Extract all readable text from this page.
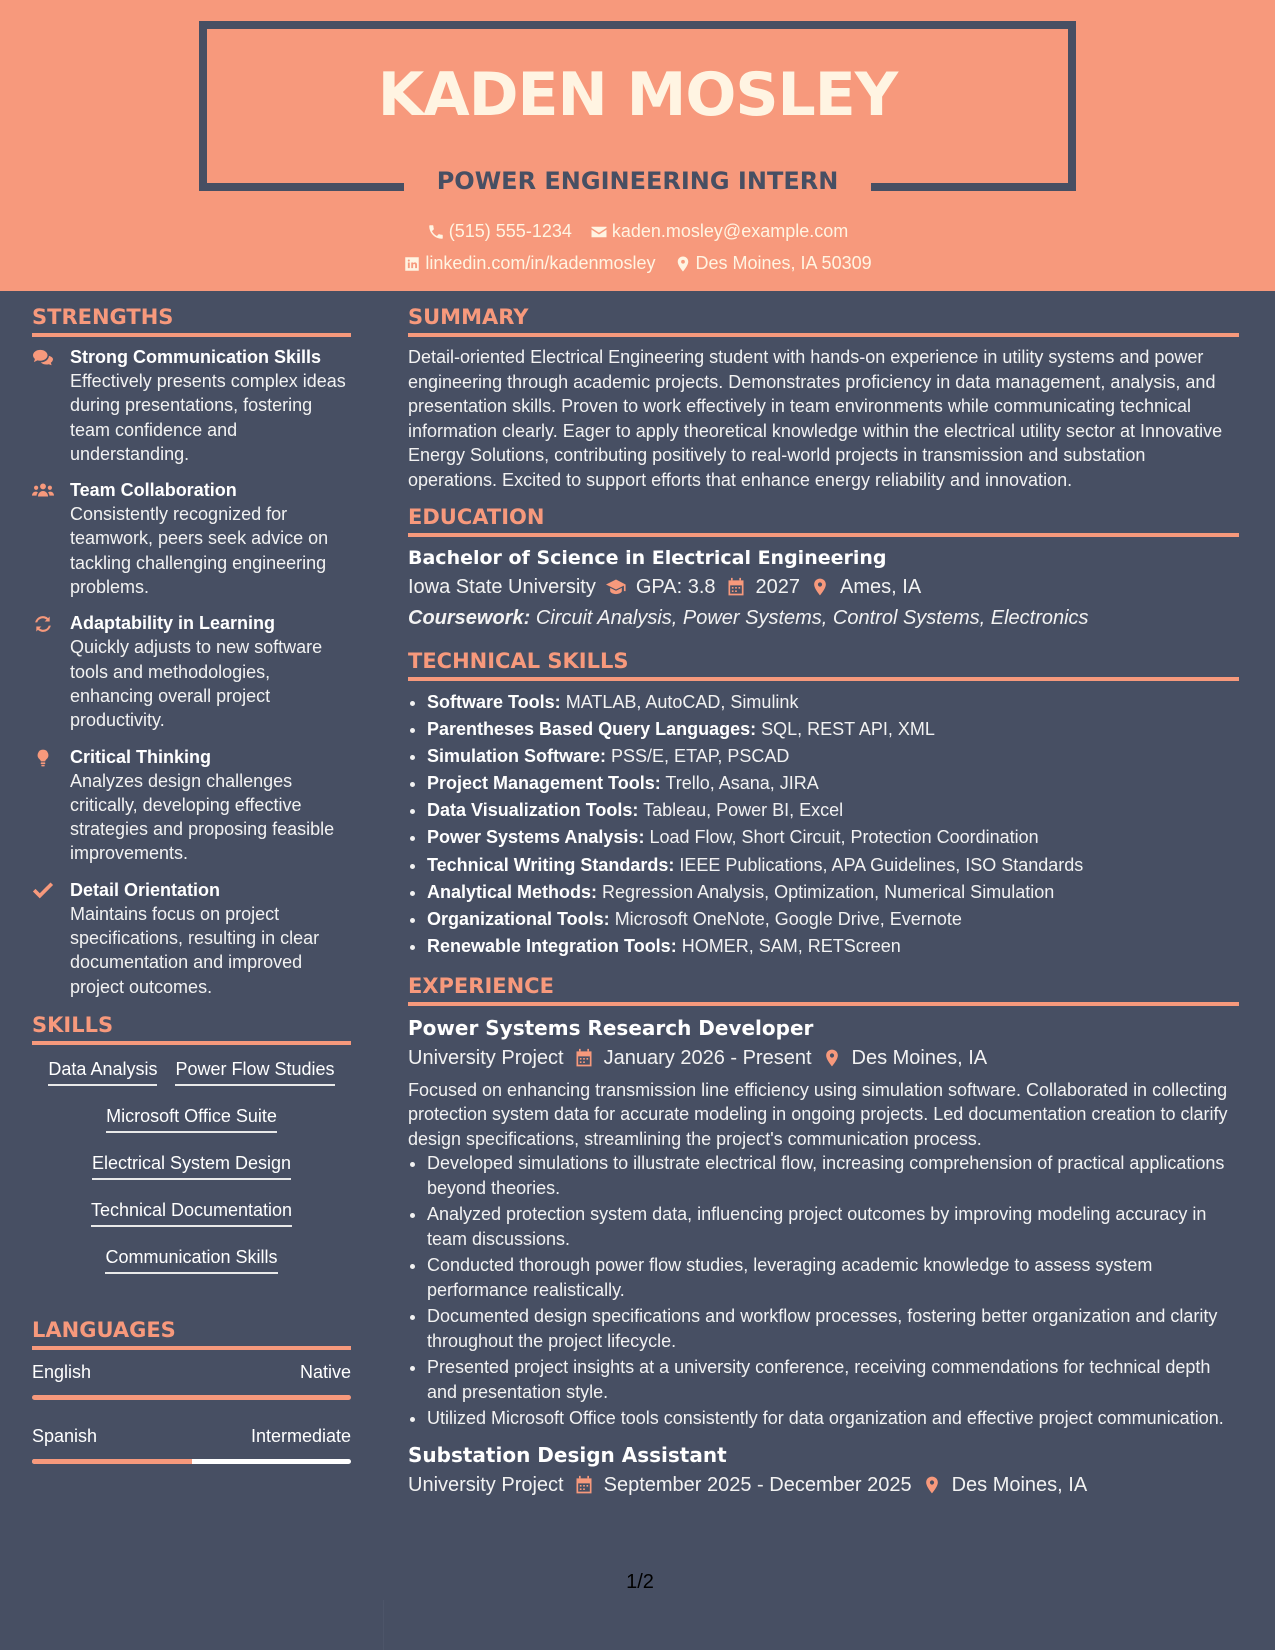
KADEN MOSLEY
POWER ENGINEERING INTERN
(515) 555-1234 kaden.mosley@example.com
linkedin.com/in/kadenmosley Des Moines, IA 50309
STRENGTHS
Strong Communication Skills

Effectively presents complex ideas during presentations, fostering team confidence and understanding.

Team Collaboration

Consistently recognized for teamwork, peers seek advice on tackling challenging engineering problems.

Adaptability in Learning

Quickly adjusts to new software tools and methodologies, enhancing overall project productivity.

Critical Thinking

Analyzes design challenges critically, developing effective strategies and proposing feasible improvements.

Detail Orientation

Maintains focus on project specifications, resulting in clear documentation and improved project outcomes.

SKILLS
Data Analysis Power Flow Studies
Microsoft Office Suite
Electrical System Design
Technical Documentation
Communication Skills
LANGUAGES
English	Native
Spanish	Intermediate
SUMMARY

Detail-oriented Electrical Engineering student with hands-on experience in utility systems and power engineering through academic projects. Demonstrates proficiency in data management, analysis, and presentation skills. Proven to work effectively in team environments while communicating technical information clearly. Eager to apply theoretical knowledge within the electrical utility sector at Innovative Energy Solutions, contributing positively to real-world projects in transmission and substation operations. Excited to support efforts that enhance energy reliability and innovation.

EDUCATION
Bachelor of Science in Electrical Engineering
Iowa State University GPA: 3.8 2027 Ames, IA
Coursework: Circuit Analysis, Power Systems, Control Systems, Electronics
TECHNICAL SKILLS
• Software Tools: MATLAB, AutoCAD, Simulink
• Parentheses Based Query Languages: SQL, REST API, XML
• Simulation Software: PSS/E, ETAP, PSCAD
• Project Management Tools: Trello, Asana, JIRA
• Data Visualization Tools: Tableau, Power BI, Excel
• Power Systems Analysis: Load Flow, Short Circuit, Protection Coordination
• Technical Writing Standards: IEEE Publications, APA Guidelines, ISO Standards
• Analytical Methods: Regression Analysis, Optimization, Numerical Simulation
• Organizational Tools: Microsoft OneNote, Google Drive, Evernote
• Renewable Integration Tools: HOMER, SAM, RETScreen
EXPERIENCE
Power Systems Research Developer
University Project January 2026 - Present Des Moines, IA

Focused on enhancing transmission line efficiency using simulation software. Collaborated in collecting protection system data for accurate modeling in ongoing projects. Led documentation creation to clarify design specifications, streamlining the project's communication process.

• Developed simulations to illustrate electrical flow, increasing comprehension of practical applications beyond theories.
• Analyzed protection system data, influencing project outcomes by improving modeling accuracy in team discussions.
• Conducted thorough power flow studies, leveraging academic knowledge to assess system performance realistically.
• Documented design specifications and workflow processes, fostering better organization and clarity throughout the project lifecycle.
• Presented project insights at a university conference, receiving commendations for technical depth and presentation style.
• Utilized Microsoft Office tools consistently for data organization and effective project communication.
Substation Design Assistant
University Project September 2025 - December 2025 Des Moines, IA
1/2
